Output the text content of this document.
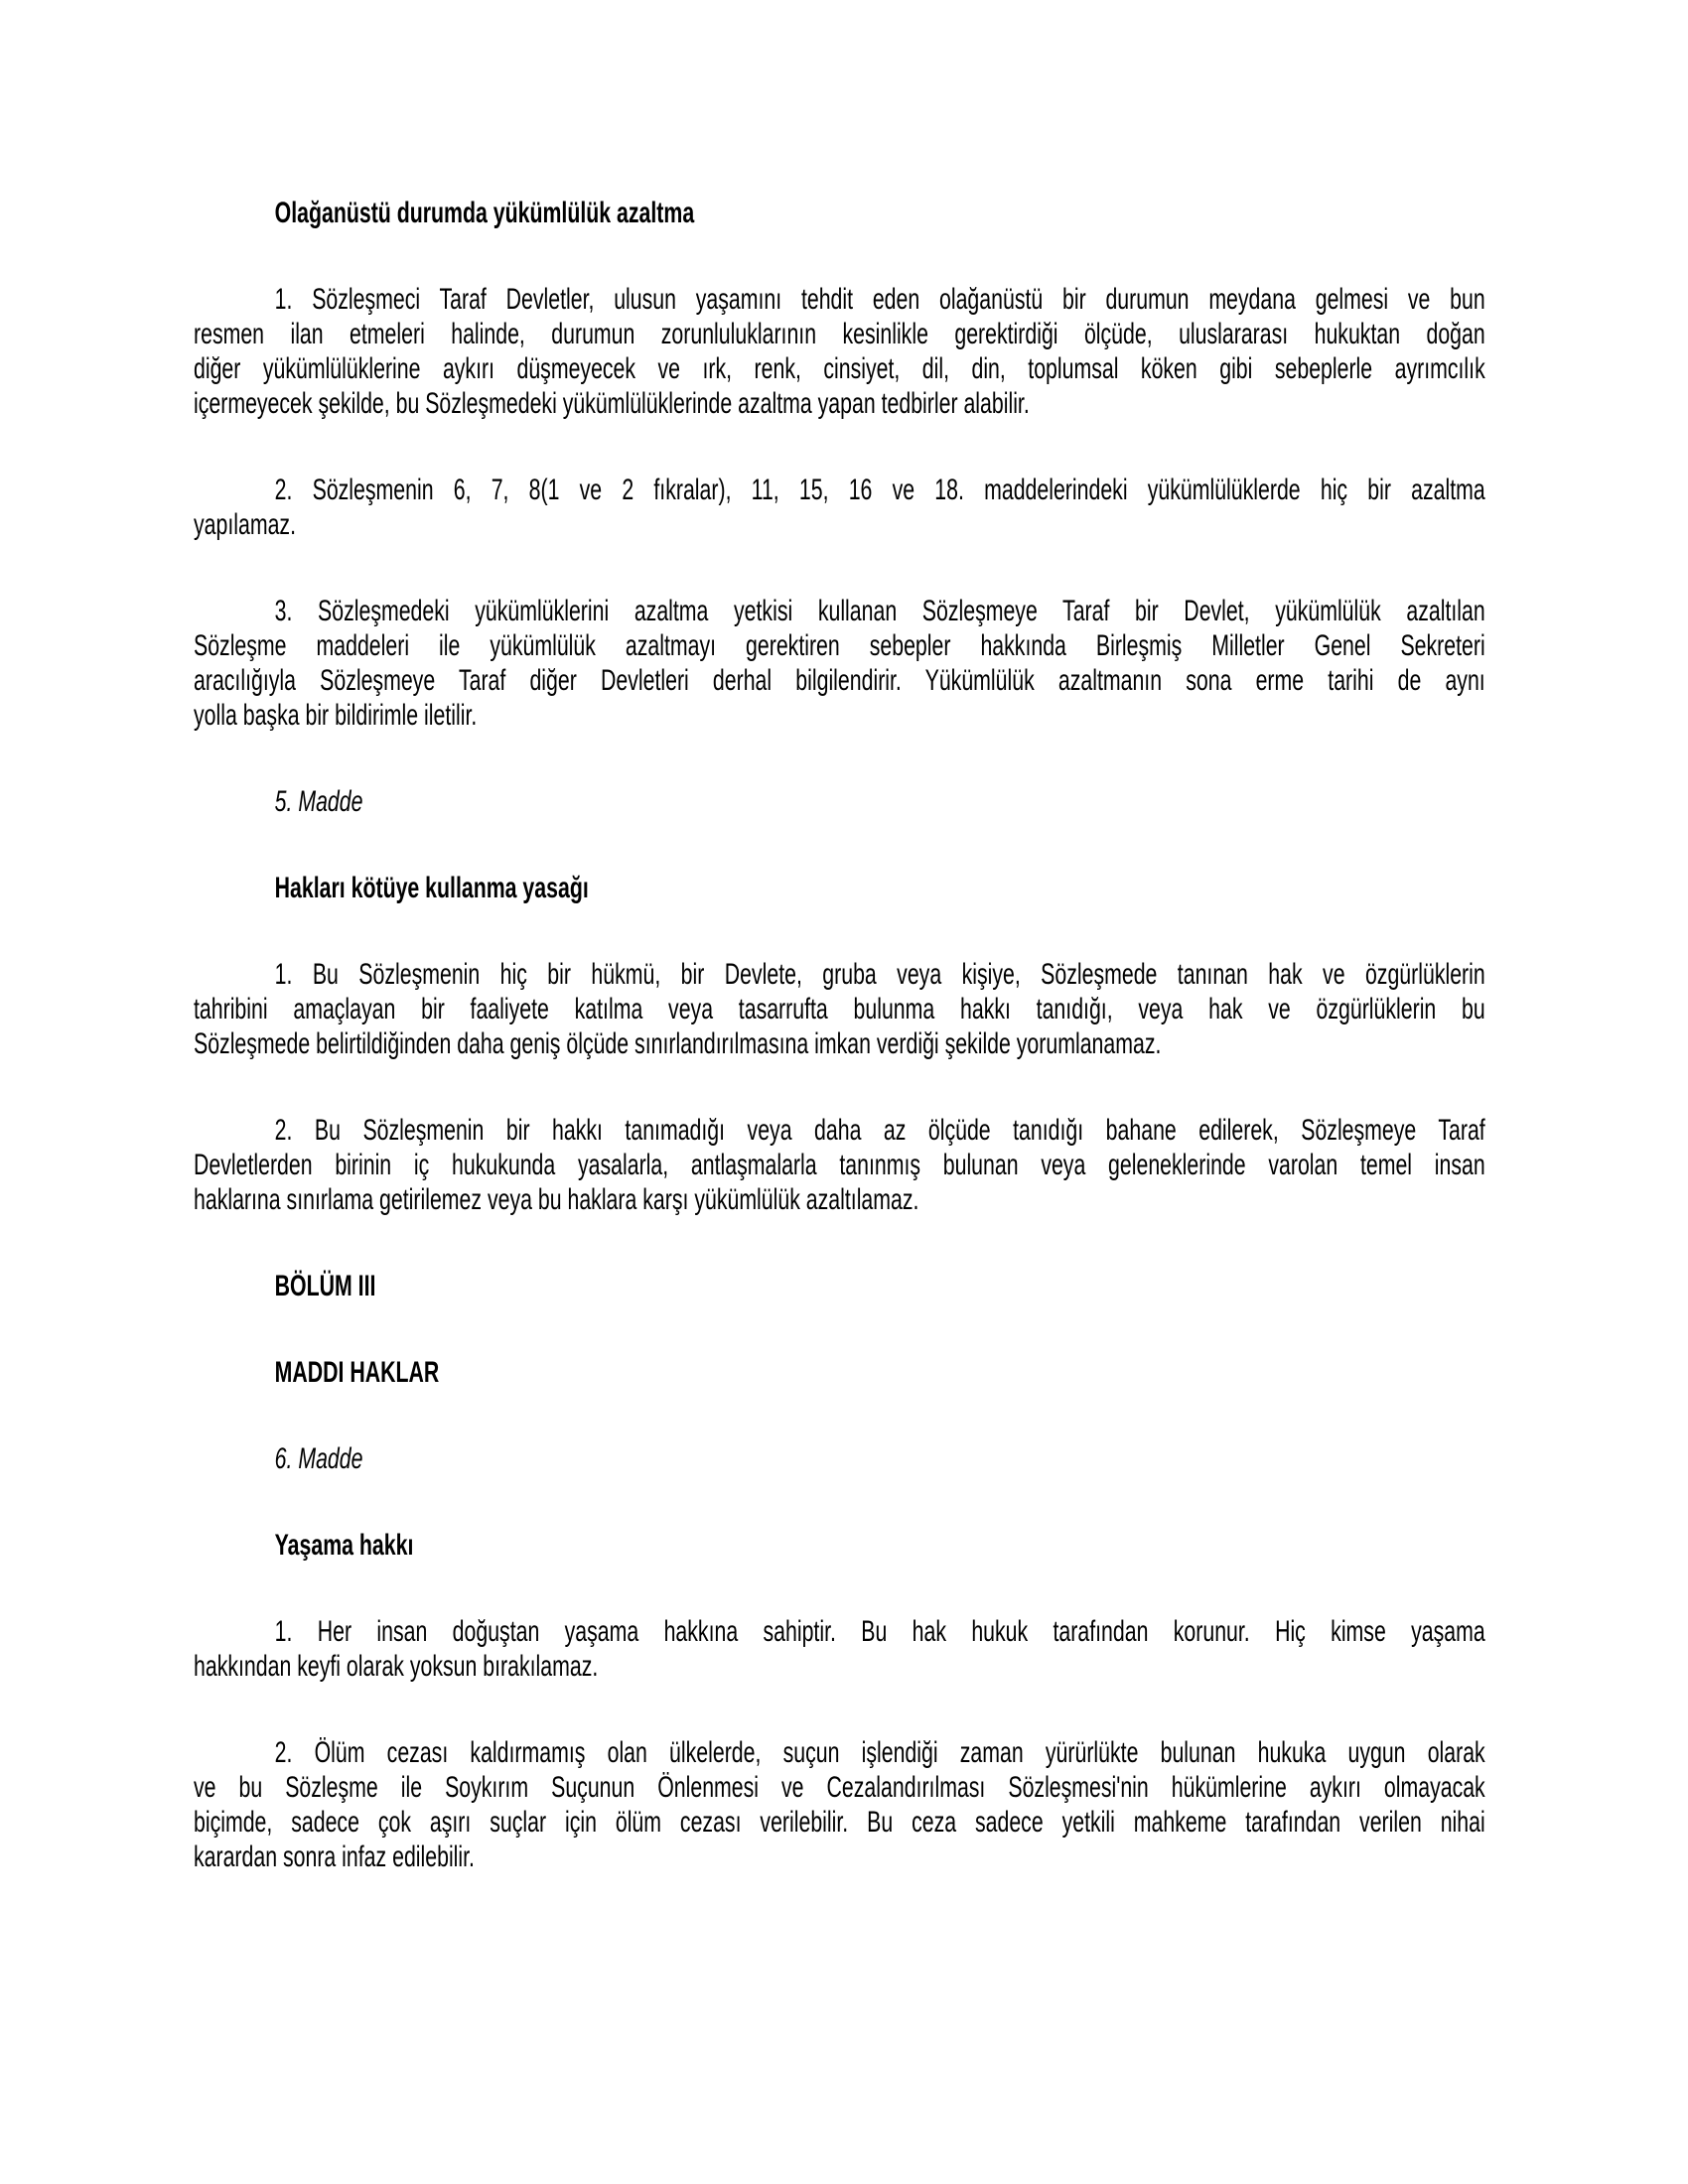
Olağanüstü durumda yükümlülük azaltma
1. Sözleşmeci Taraf Devletler, ulusun yaşamını tehdit eden olağanüstü bir durumun meydana gelmesi ve bun
resmen ilan etmeleri halinde, durumun zorunluluklarının kesinlikle gerektirdiği ölçüde, uluslararası hukuktan doğan
diğer yükümlülüklerine aykırı düşmeyecek ve ırk, renk, cinsiyet, dil, din, toplumsal köken gibi sebeplerle ayrımcılık
içermeyecek şekilde, bu Sözleşmedeki yükümlülüklerinde azaltma yapan tedbirler alabilir.
2. Sözleşmenin 6, 7, 8(1 ve 2 fıkralar), 11, 15, 16 ve 18. maddelerindeki yükümlülüklerde hiç bir azaltma
yapılamaz.
3. Sözleşmedeki yükümlüklerini azaltma yetkisi kullanan Sözleşmeye Taraf bir Devlet, yükümlülük azaltılan
Sözleşme maddeleri ile yükümlülük azaltmayı gerektiren sebepler hakkında Birleşmiş Milletler Genel Sekreteri
aracılığıyla Sözleşmeye Taraf diğer Devletleri derhal bilgilendirir. Yükümlülük azaltmanın sona erme tarihi de aynı
yolla başka bir bildirimle iletilir.
5. Madde
Hakları kötüye kullanma yasağı
1. Bu Sözleşmenin hiç bir hükmü, bir Devlete, gruba veya kişiye, Sözleşmede tanınan hak ve özgürlüklerin
tahribini amaçlayan bir faaliyete katılma veya tasarrufta bulunma hakkı tanıdığı, veya hak ve özgürlüklerin bu
Sözleşmede belirtildiğinden daha geniş ölçüde sınırlandırılmasına imkan verdiği şekilde yorumlanamaz.
2. Bu Sözleşmenin bir hakkı tanımadığı veya daha az ölçüde tanıdığı bahane edilerek, Sözleşmeye Taraf
Devletlerden birinin iç hukukunda yasalarla, antlaşmalarla tanınmış bulunan veya geleneklerinde varolan temel insan
haklarına sınırlama getirilemez veya bu haklara karşı yükümlülük azaltılamaz.
BÖLÜM III
MADDI HAKLAR
6. Madde
Yaşama hakkı
1. Her insan doğuştan yaşama hakkına sahiptir. Bu hak hukuk tarafından korunur. Hiç kimse yaşama
hakkından keyfi olarak yoksun bırakılamaz.
2. Ölüm cezası kaldırmamış olan ülkelerde, suçun işlendiği zaman yürürlükte bulunan hukuka uygun olarak
ve bu Sözleşme ile Soykırım Suçunun Önlenmesi ve Cezalandırılması Sözleşmesi'nin hükümlerine aykırı olmayacak
biçimde, sadece çok aşırı suçlar için ölüm cezası verilebilir. Bu ceza sadece yetkili mahkeme tarafından verilen nihai
karardan sonra infaz edilebilir.
